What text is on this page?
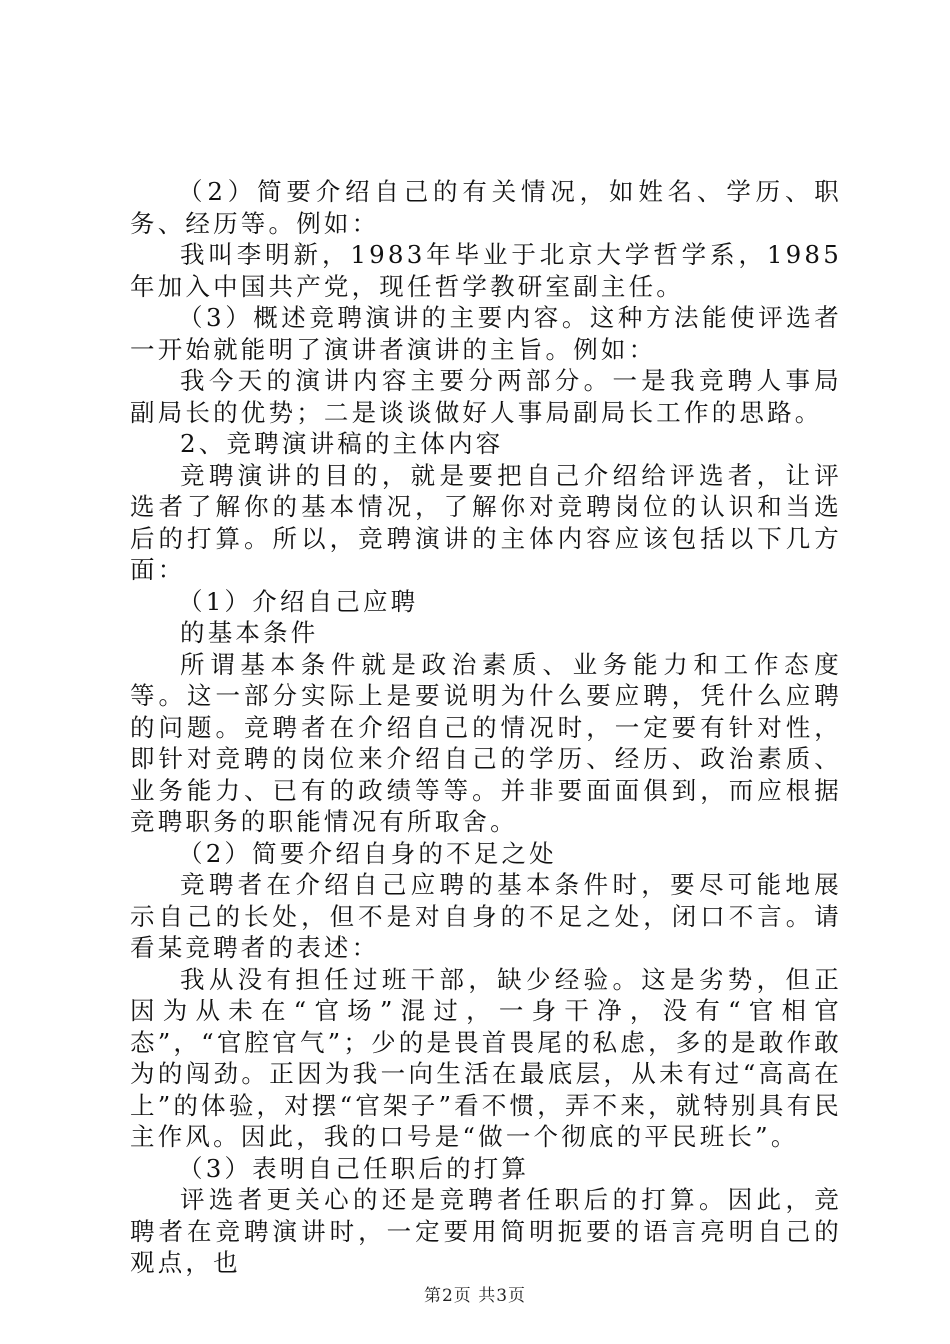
（2）简要介绍自己的有关情况，如姓名、学历、职务、经历等。例如：

我叫李明新，1983年毕业于北京大学哲学系，1985年加入中国共产党，现任哲学教研室副主任。

（3）概述竞聘演讲的主要内容。这种方法能使评选者一开始就能明了演讲者演讲的主旨。例如：

我今天的演讲内容主要分两部分。一是我竞聘人事局副局长的优势；二是谈谈做好人事局副局长工作的思路。

2、竞聘演讲稿的主体内容

竞聘演讲的目的，就是要把自己介绍给评选者，让评选者了解你的基本情况，了解你对竞聘岗位的认识和当选后的打算。所以，竞聘演讲的主体内容应该包括以下几方面：

（1）介绍自己应聘

的基本条件

所谓基本条件就是政治素质、业务能力和工作态度等。这一部分实际上是要说明为什么要应聘，凭什么应聘的问题。竞聘者在介绍自己的情况时，一定要有针对性，即针对竞聘的岗位来介绍自己的学历、经历、政治素质、业务能力、已有的政绩等等。并非要面面俱到，而应根据竞聘职务的职能情况有所取舍。

（2）简要介绍自身的不足之处

竞聘者在介绍自己应聘的基本条件时，要尽可能地展示自己的长处，但不是对自身的不足之处，闭口不言。请看某竞聘者的表述：

我从没有担任过班干部，缺少经验。这是劣势，但正因为从未在“官场”混过，一身干净，没有“官相官态”，“官腔官气”；少的是畏首畏尾的私虑，多的是敢作敢为的闯劲。正因为我一向生活在最底层，从未有过“高高在上”的体验，对摆“官架子”看不惯，弄不来，就特别具有民主作风。因此，我的口号是“做一个彻底的平民班长”。

（3）表明自己任职后的打算

评选者更关心的还是竞聘者任职后的打算。因此，竞聘者在竞聘演讲时，一定要用简明扼要的语言亮明自己的观点，也

第2页 共3页
